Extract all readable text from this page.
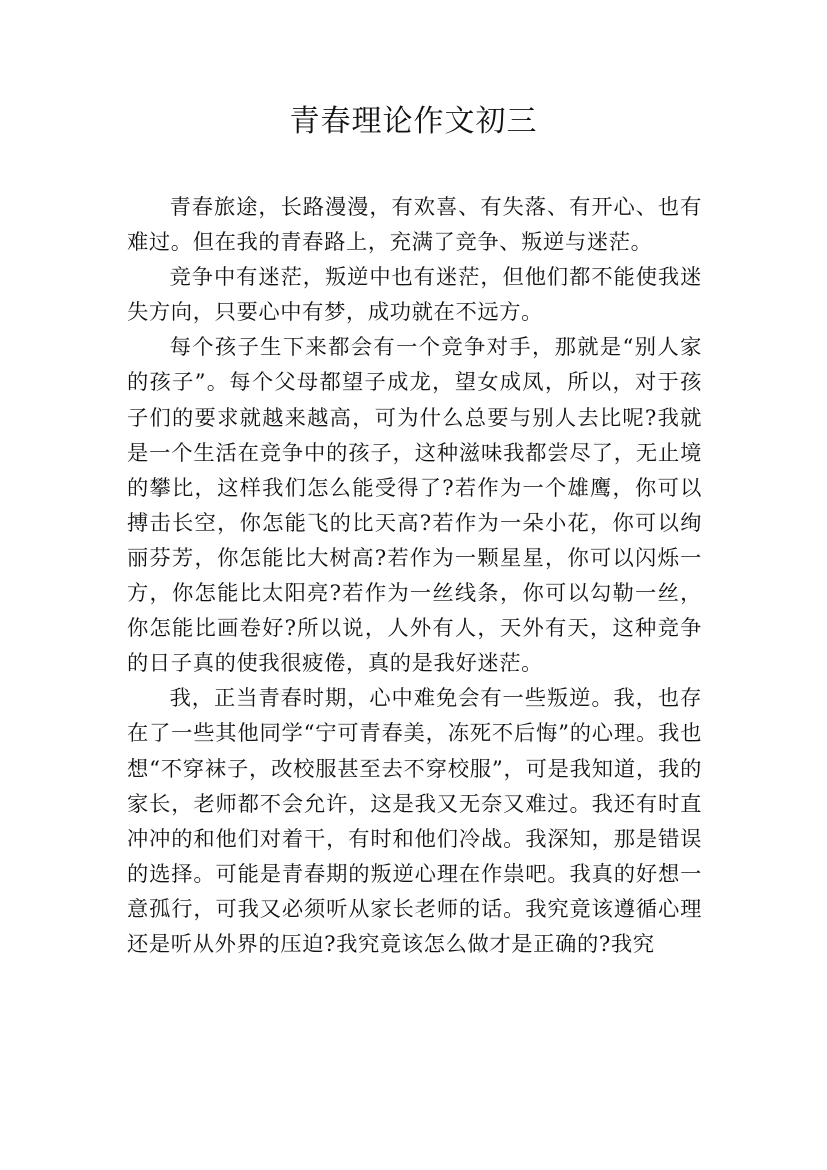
青春理论作文初三

青春旅途，长路漫漫，有欢喜、有失落、有开心、也有难过。但在我的青春路上，充满了竞争、叛逆与迷茫。

竞争中有迷茫，叛逆中也有迷茫，但他们都不能使我迷失方向，只要心中有梦，成功就在不远方。

每个孩子生下来都会有一个竞争对手，那就是“别人家的孩子”。每个父母都望子成龙，望女成凤，所以，对于孩子们的要求就越来越高，可为什么总要与别人去比呢?我就是一个生活在竞争中的孩子，这种滋味我都尝尽了，无止境的攀比，这样我们怎么能受得了?若作为一个雄鹰，你可以搏击长空，你怎能飞的比天高?若作为一朵小花，你可以绚丽芬芳，你怎能比大树高?若作为一颗星星，你可以闪烁一方，你怎能比太阳亮?若作为一丝线条，你可以勾勒一丝，你怎能比画卷好?所以说，人外有人，天外有天，这种竞争的日子真的使我很疲倦，真的是我好迷茫。

我，正当青春时期，心中难免会有一些叛逆。我，也存在了一些其他同学“宁可青春美，冻死不后悔”的心理。我也想“不穿袜子，改校服甚至去不穿校服”，可是我知道，我的家长，老师都不会允许，这是我又无奈又难过。我还有时直冲冲的和他们对着干，有时和他们冷战。我深知，那是错误的选择。可能是青春期的叛逆心理在作祟吧。我真的好想一意孤行，可我又必须听从家长老师的话。我究竟该遵循心理还是听从外界的压迫?我究竟该怎么做才是正确的?我究
